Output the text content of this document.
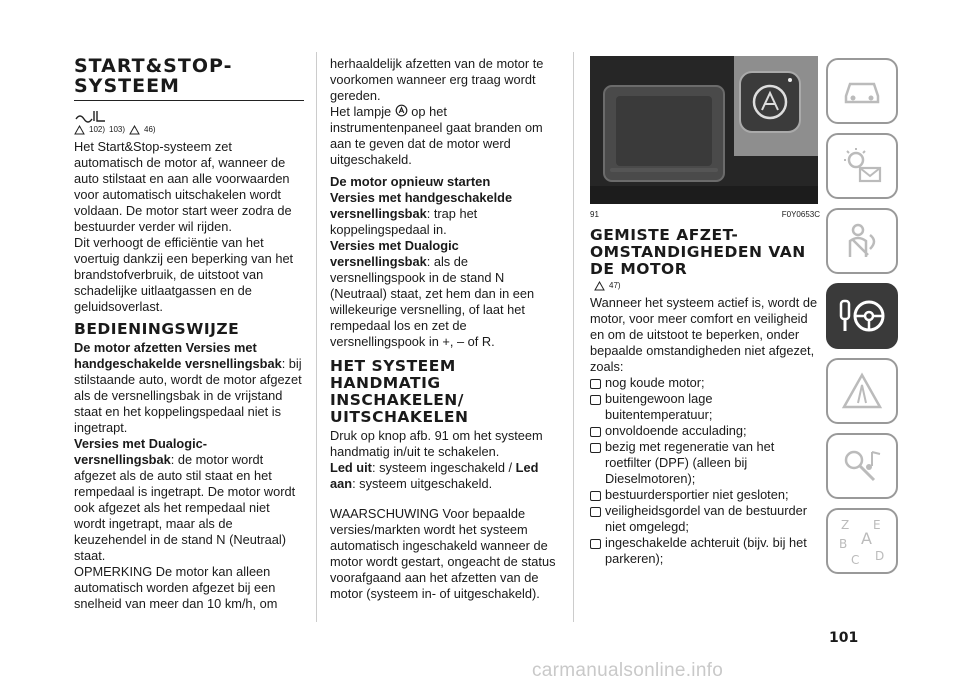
START&STOP-
SYSTEEM
102) 103) 46)

Het Start&Stop-systeem zet automatisch de motor af, wanneer de auto stilstaat en aan alle voorwaarden voor automatisch uitschakelen wordt voldaan. De motor start weer zodra de bestuurder verder wil rijden.

Dit verhoogt de efficiëntie van het voertuig dankzij een beperking van het brandstofverbruik, de uitstoot van schadelijke uitlaatgassen en de geluidsoverlast.

BEDIENINGSWIJZE

De motor afzetten Versies met handgeschakelde versnellingsbak: bij stilstaande auto, wordt de motor afgezet als de versnellingsbak in de vrijstand staat en het koppelingspedaal niet is ingetrapt.

Versies met Dualogic-versnellingsbak: de motor wordt afgezet als de auto stil staat en het rempedaal is ingetrapt. De motor wordt ook afgezet als het rempedaal niet wordt ingetrapt, maar als de keuzehendel in de stand N (Neutraal) staat.

OPMERKING De motor kan alleen automatisch worden afgezet bij een snelheid van meer dan 10 km/h, om

herhaaldelijk afzetten van de motor te voorkomen wanneer erg traag wordt gereden.

Het lampje op het instrumentenpaneel gaat branden om aan te geven dat de motor werd uitgeschakeld.

De motor opnieuw starten

Versies met handgeschakelde versnellingsbak: trap het koppelingspedaal in.

Versies met Dualogic versnellingsbak: als de versnellingspook in de stand N (Neutraal) staat, zet hem dan in een willekeurige versnelling, of laat het rempedaal los en zet de versnellingspook in +, – of R.

HET SYSTEEM HANDMATIG INSCHAKELEN/ UITSCHAKELEN

Druk op knop afb. 91 om het systeem handmatig in/uit te schakelen.

Led uit: systeem ingeschakeld / Led aan: systeem uitgeschakeld.

WAARSCHUWING Voor bepaalde versies/markten wordt het systeem automatisch ingeschakeld wanneer de motor wordt gestart, ongeacht de status voorafgaand aan het afzetten van de motor (systeem in- of uitgeschakeld).

91	F0Y0653C
GEMISTE AFZET-OMSTANDIGHEDEN VAN DE MOTOR
47)

Wanneer het systeem actief is, wordt de motor, voor meer comfort en veiligheid en om de uitstoot te beperken, onder bepaalde omstandigheden niet afgezet, zoals:

nog koude motor;

buitengewoon lage buitentemperatuur;

onvoldoende acculading;

bezig met regeneratie van het roetfilter (DPF) (alleen bij Dieselmotoren);

bestuurdersportier niet gesloten;

veiligheidsgordel van de bestuurder niet omgelegd;

ingeschakelde achteruit (bijv. bij het parkeren);

Z E
B A
C D
101
carmanualsonline.info
